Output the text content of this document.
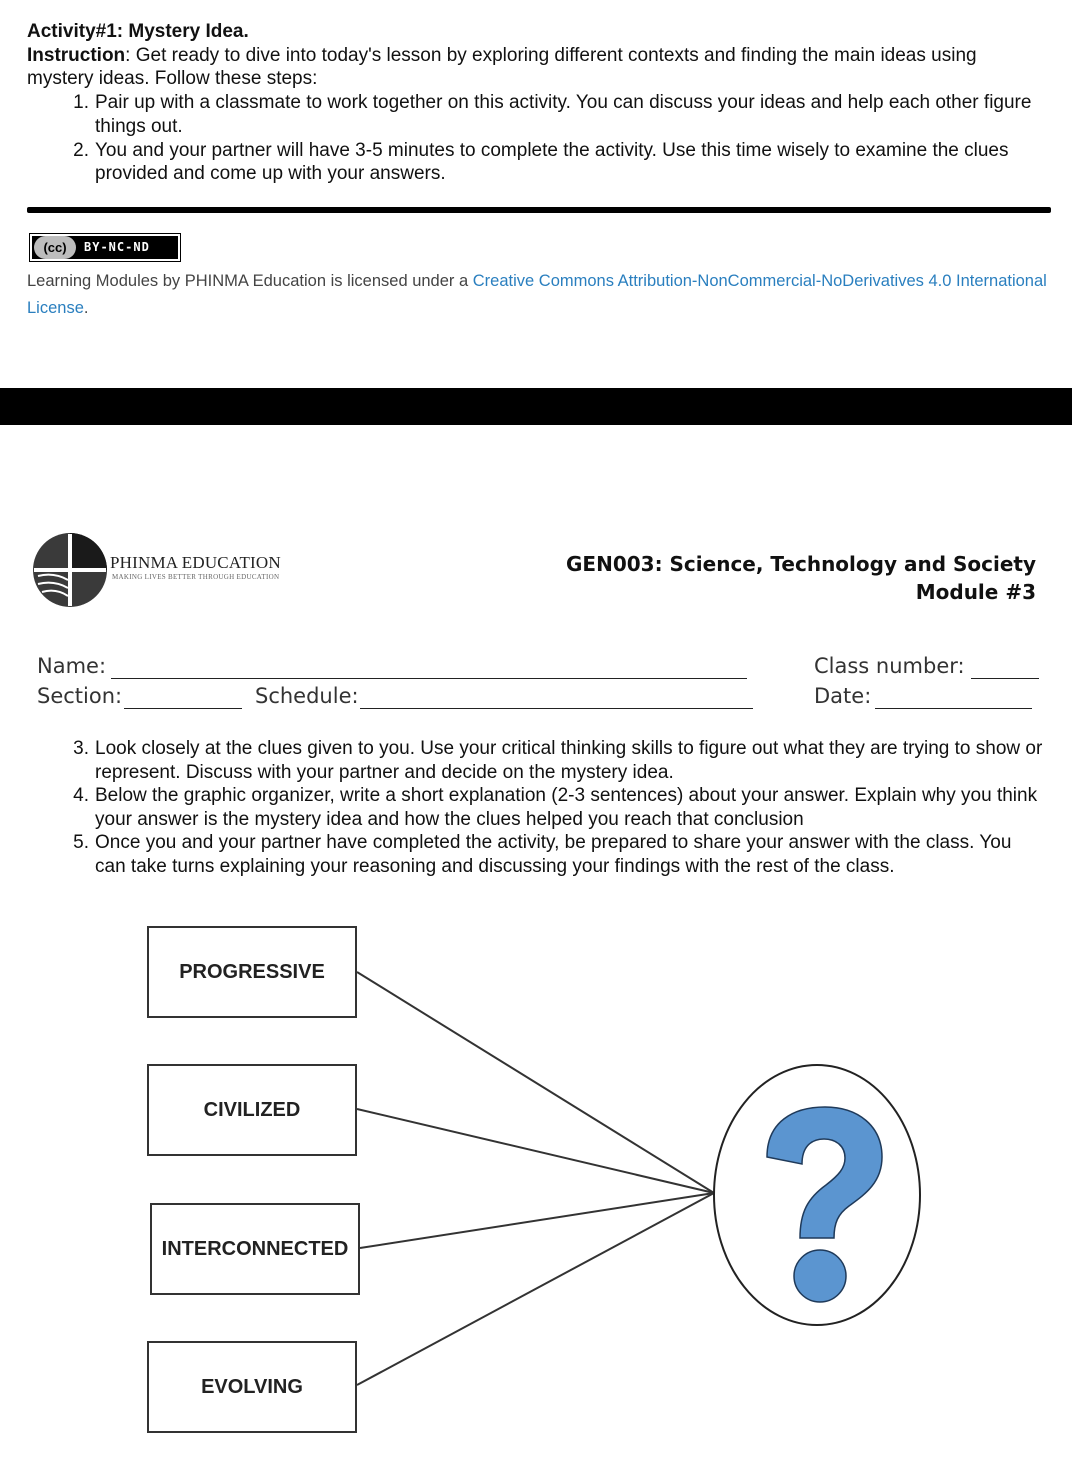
Activity#1: Mystery Idea.
Instruction: Get ready to dive into today's lesson by exploring different contexts and finding the main ideas using mystery ideas. Follow these steps:
1. Pair up with a classmate to work together on this activity. You can discuss your ideas and help each other figure things out.
2. You and your partner will have 3-5 minutes to complete the activity. Use this time wisely to examine the clues provided and come up with your answers.
(cc)	BY-NC-ND
Learning Modules by PHINMA Education is licensed under a Creative Commons Attribution-NonCommercial-NoDerivatives 4.0 International License.
PHINMA EDUCATION
MAKING LIVES BETTER THROUGH EDUCATION
GEN003: Science, Technology and Society
Module #3
Name:	Class number:
Section:	Schedule:	Date:
3. Look closely at the clues given to you. Use your critical thinking skills to figure out what they are trying to show or represent. Discuss with your partner and decide on the mystery idea.
4. Below the graphic organizer, write a short explanation (2-3 sentences) about your answer. Explain why you think your answer is the mystery idea and how the clues helped you reach that conclusion
5. Once you and your partner have completed the activity, be prepared to share your answer with the class. You can take turns explaining your reasoning and discussing your findings with the rest of the class.
PROGRESSIVE
CIVILIZED
INTERCONNECTED
EVOLVING
